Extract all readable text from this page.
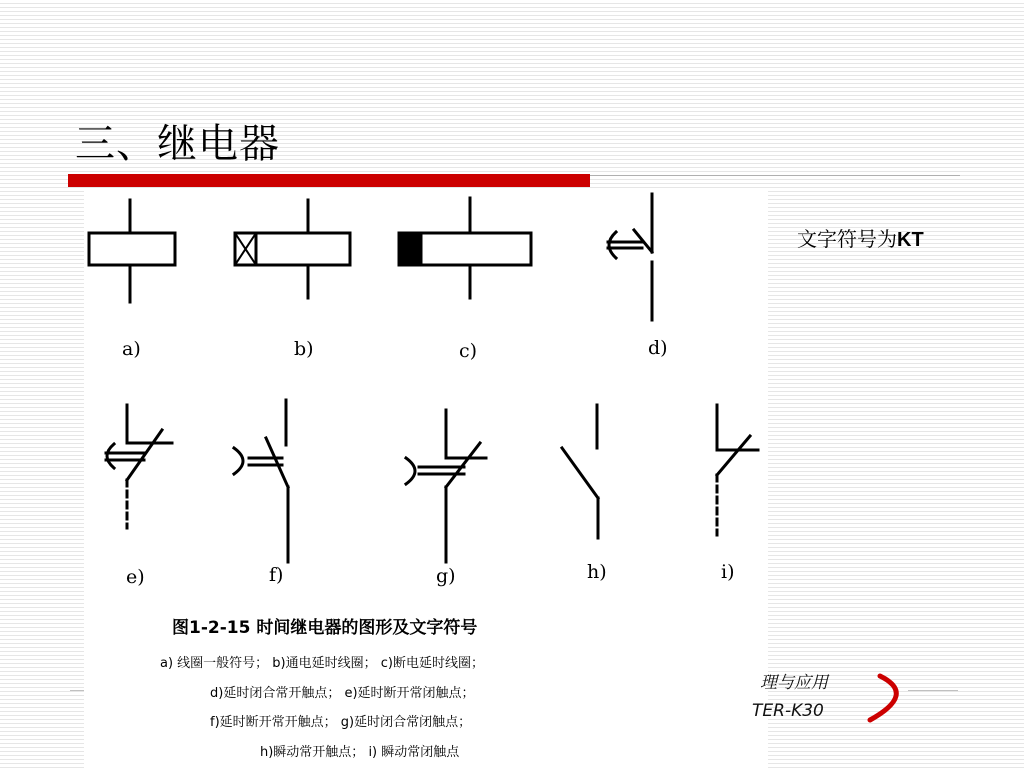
三、继电器
文字符号为KT
a)	b)	c)	d)
e)	f)	g)	h)	i)
图1-2-15 时间继电器的图形及文字符号
a) 线圈一般符号； b)通电延时线圈； c)断电延时线圈；
d)延时闭合常开触点； e)延时断开常闭触点；
f)延时断开常开触点； g)延时闭合常闭触点；
h)瞬动常开触点； i) 瞬动常闭触点
理与应用
TER-K30
